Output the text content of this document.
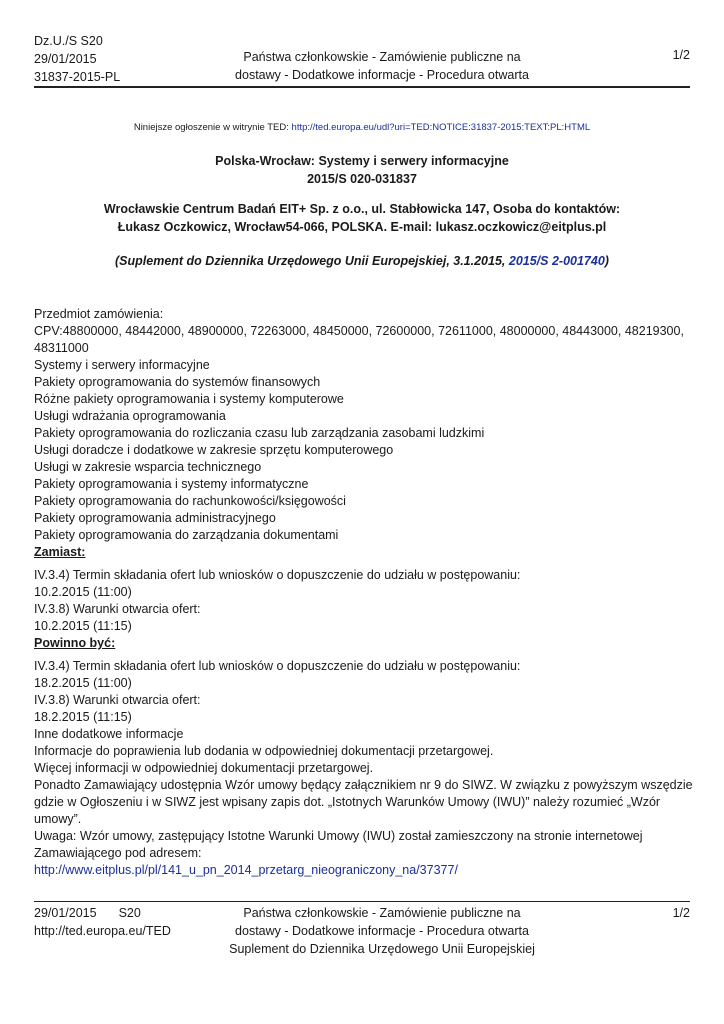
Dz.U./S S20
29/01/2015
31837-2015-PL
Państwa członkowskie - Zamówienie publiczne na
dostawy - Dodatkowe informacje - Procedura otwarta
1/2
Niniejsze ogłoszenie w witrynie TED: http://ted.europa.eu/udl?uri=TED:NOTICE:31837-2015:TEXT:PL:HTML
Polska-Wrocław: Systemy i serwery informacyjne
2015/S 020-031837
Wrocławskie Centrum Badań EIT+ Sp. z o.o., ul. Stabłowicka 147, Osoba do kontaktów:
Łukasz Oczkowicz, Wrocław54-066, POLSKA. E-mail: lukasz.oczkowicz@eitplus.pl
(Suplement do Dziennika Urzędowego Unii Europejskiej, 3.1.2015, 2015/S 2-001740)
Przedmiot zamówienia:
CPV:48800000, 48442000, 48900000, 72263000, 48450000, 72600000, 72611000, 48000000, 48443000, 48219300,
48311000
Systemy i serwery informacyjne
Pakiety oprogramowania do systemów finansowych
Różne pakiety oprogramowania i systemy komputerowe
Usługi wdrażania oprogramowania
Pakiety oprogramowania do rozliczania czasu lub zarządzania zasobami ludzkimi
Usługi doradcze i dodatkowe w zakresie sprzętu komputerowego
Usługi w zakresie wsparcia technicznego
Pakiety oprogramowania i systemy informatyczne
Pakiety oprogramowania do rachunkowości/księgowości
Pakiety oprogramowania administracyjnego
Pakiety oprogramowania do zarządzania dokumentami
Zamiast:
IV.3.4) Termin składania ofert lub wniosków o dopuszczenie do udziału w postępowaniu:
10.2.2015 (11:00)
IV.3.8) Warunki otwarcia ofert:
10.2.2015 (11:15)
Powinno być:
IV.3.4) Termin składania ofert lub wniosków o dopuszczenie do udziału w postępowaniu:
18.2.2015 (11:00)
IV.3.8) Warunki otwarcia ofert:
18.2.2015 (11:15)
Inne dodatkowe informacje
Informacje do poprawienia lub dodania w odpowiedniej dokumentacji przetargowej.
Więcej informacji w odpowiedniej dokumentacji przetargowej.
Ponadto Zamawiający udostępnia Wzór umowy będący załącznikiem nr 9 do SIWZ. W związku z powyższym wszędzie gdzie w Ogłoszeniu i w SIWZ jest wpisany zapis dot. „Istotnych Warunków Umowy (IWU)” należy rozumieć „Wzór umowy”.
Uwaga: Wzór umowy, zastępujący Istotne Warunki Umowy (IWU) został zamieszczony na stronie internetowej Zamawiającego pod adresem:
http://www.eitplus.pl/pl/141_u_pn_2014_przetarg_nieograniczony_na/37377/
29/01/2015 S20
http://ted.europa.eu/TED
Państwa członkowskie - Zamówienie publiczne na
dostawy - Dodatkowe informacje - Procedura otwarta
Suplement do Dziennika Urzędowego Unii Europejskiej
1/2
